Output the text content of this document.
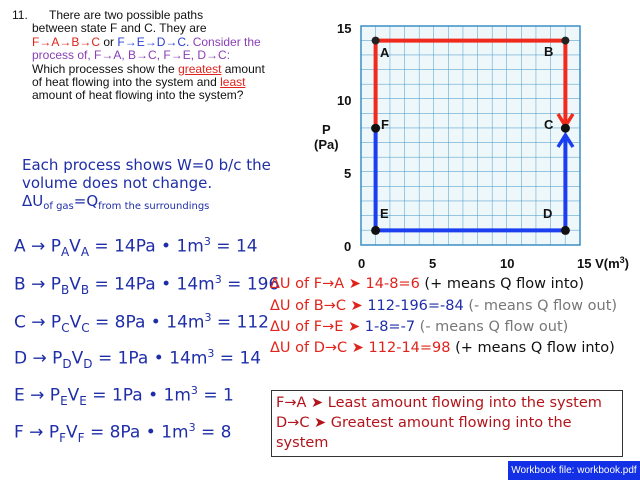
11. There are two possible paths
between state F and C. They are
F→A→B→C or F→E→D→C. Consider the
process of, F→A, B→C, F→E, D→C:
Which processes show the greatest amount
of heat flowing into the system and least
amount of heat flowing into the system?
Each process shows W=0 b/c the
volume does not change.
$\Delta U_{of gas}=Q_{from the surroundings}$
$A \to P_AV_A = 14Pa$ • $1m^3 = 14$
$B \to P_BV_B = 14Pa$ • $14m^3 = 196$
$C \to P_CV_C = 8Pa$ • $14m^3 = 112$
$D \to P_DV_D = 1Pa$ • $14m^3 = 14$
$E \to P_EV_E = 1Pa$ • $1m^3 = 1$
$F \to P_FV_F = 8Pa$ • $1m^3 = 8$
ΔU of F→A ➤ 14-8=6 (+ means Q flow into)
ΔU of B→C ➤ 112-196=-84 (- means Q flow out)
ΔU of F→E ➤ 1-8=-7 (- means Q flow out)
ΔU of D→C ➤ 112-14=98 (+ means Q flow into)
F→A ➤ Least amount flowing into the system
D→C ➤ Greatest amount flowing into the
system
Workbook file: workbook.pdf
A	B
C
F
E	D
15
10
5
0
0	5	10	15 $V(m^3)$
P
(Pa)
